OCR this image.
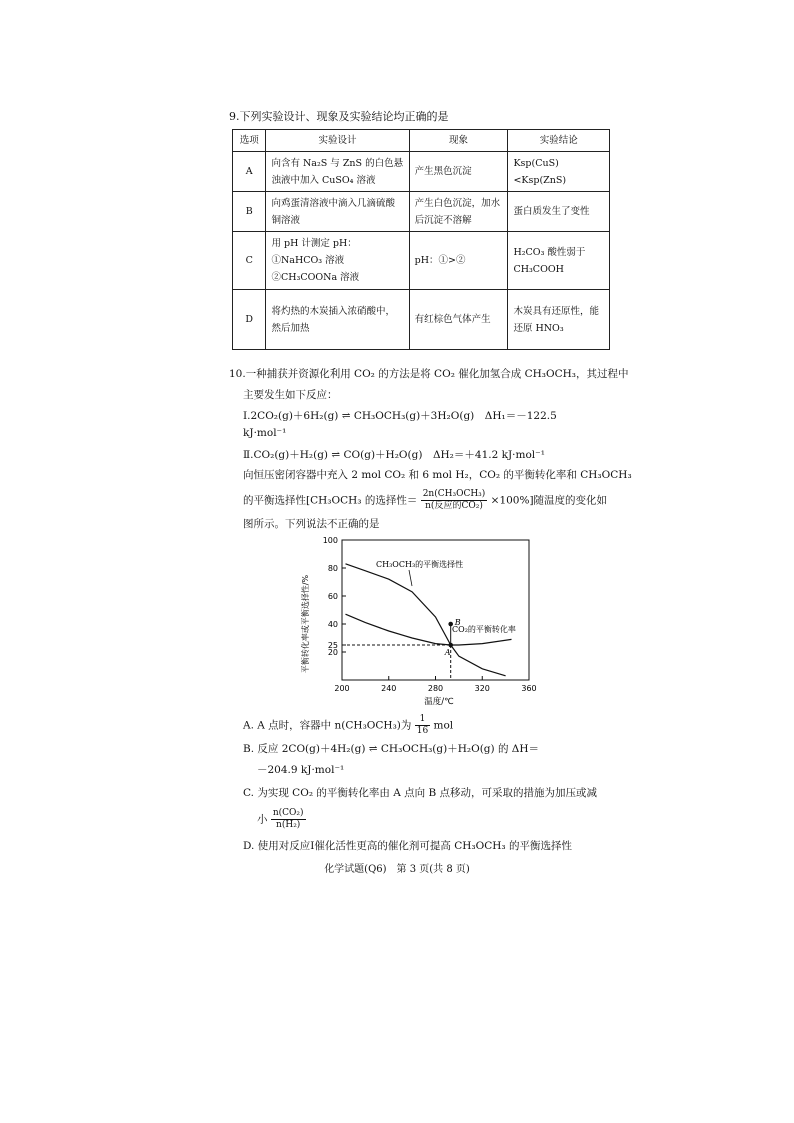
9.下列实验设计、现象及实验结论均正确的是
选项	实验设计	现象	实验结论
A	向含有 Na₂S 与 ZnS 的白色悬浊液中加入 CuSO₄ 溶液	产生黑色沉淀	Ksp(CuS)<Ksp(ZnS)
B	向鸡蛋清溶液中滴入几滴硫酸铜溶液	产生白色沉淀，加水后沉淀不溶解	蛋白质发生了变性
C	用 pH 计测定 pH：①NaHCO₃ 溶液　②CH₃COONa 溶液	pH：①>②	H₂CO₃ 酸性弱于 CH₃COOH
D	将灼热的木炭插入浓硝酸中，然后加热	有红棕色气体产生	木炭具有还原性，能还原 HNO₃
10.一种捕获并资源化利用 CO₂ 的方法是将 CO₂ 催化加氢合成 CH₃OCH₃，其过程中
主要发生如下反应：
Ⅰ.2CO₂(g)＋6H₂(g) ⇌ CH₃OCH₃(g)＋3H₂O(g)　ΔH₁＝－122.5
kJ·mol⁻¹
Ⅱ.CO₂(g)＋H₂(g) ⇌ CO(g)＋H₂O(g)　ΔH₂＝＋41.2 kJ·mol⁻¹
向恒压密闭容器中充入 2 mol CO₂ 和 6 mol H₂，CO₂ 的平衡转化率和 CH₃OCH₃
的平衡选择性[CH₃OCH₃ 的选择性＝ $\frac{\text{2n(CH₃OCH₃)}}{\text{n(反应的CO₂)}} \times 100\%$]随温度的变化如
图所示。下列说法不正确的是
200	240	280	320	360
20
25
40
60
80
100
A
B
平衡转化率或平衡选择性/%
温度/℃
CH₃OCH₃的平衡选择性
CO₂的平衡转化率
A. A 点时，容器中 n(CH₃OCH₃)为 $\frac{1}{16}$ mol
B. 反应 2CO(g)＋4H₂(g) ⇌ CH₃OCH₃(g)＋H₂O(g) 的 ΔH＝
－204.9 kJ·mol⁻¹
C. 为实现 CO₂ 的平衡转化率由 A 点向 B 点移动，可采取的措施为加压或减
小 $\frac{\text{n(CO₂)}}{\text{n(H₂)}}$
D. 使用对反应Ⅰ催化活性更高的催化剂可提高 CH₃OCH₃ 的平衡选择性
化学试题(Q6)　第 3 页(共 8 页)
